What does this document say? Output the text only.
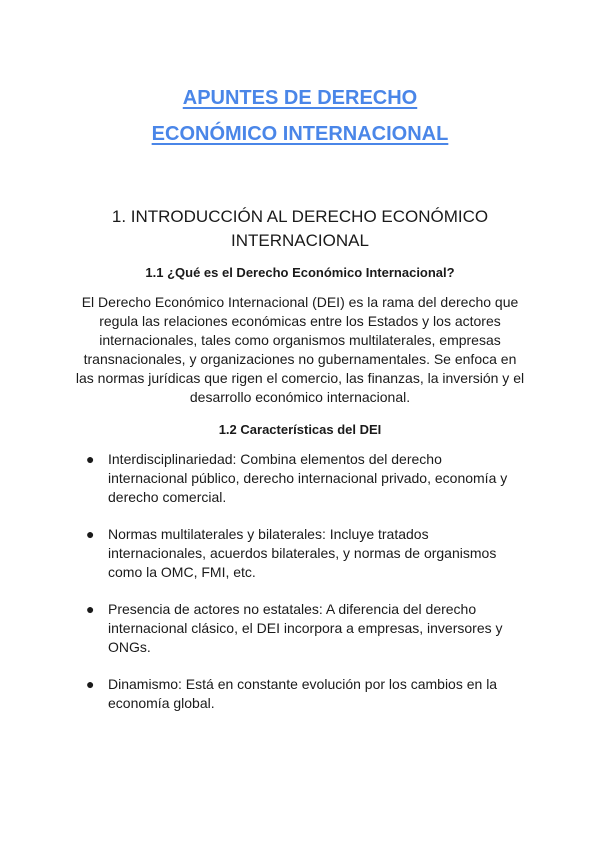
APUNTES DE DERECHO
ECONÓMICO INTERNACIONAL
1. INTRODUCCIÓN AL DERECHO ECONÓMICO
INTERNACIONAL
1.1 ¿Qué es el Derecho Económico Internacional?
El Derecho Económico Internacional (DEI) es la rama del derecho que
regula las relaciones económicas entre los Estados y los actores
internacionales, tales como organismos multilaterales, empresas
transnacionales, y organizaciones no gubernamentales. Se enfoca en
las normas jurídicas que rigen el comercio, las finanzas, la inversión y el
desarrollo económico internacional.
1.2 Características del DEI
● Interdisciplinariedad: Combina elementos del derecho
internacional público, derecho internacional privado, economía y
derecho comercial.
● Normas multilaterales y bilaterales: Incluye tratados
internacionales, acuerdos bilaterales, y normas de organismos
como la OMC, FMI, etc.
● Presencia de actores no estatales: A diferencia del derecho
internacional clásico, el DEI incorpora a empresas, inversores y
ONGs.
● Dinamismo: Está en constante evolución por los cambios en la
economía global.
